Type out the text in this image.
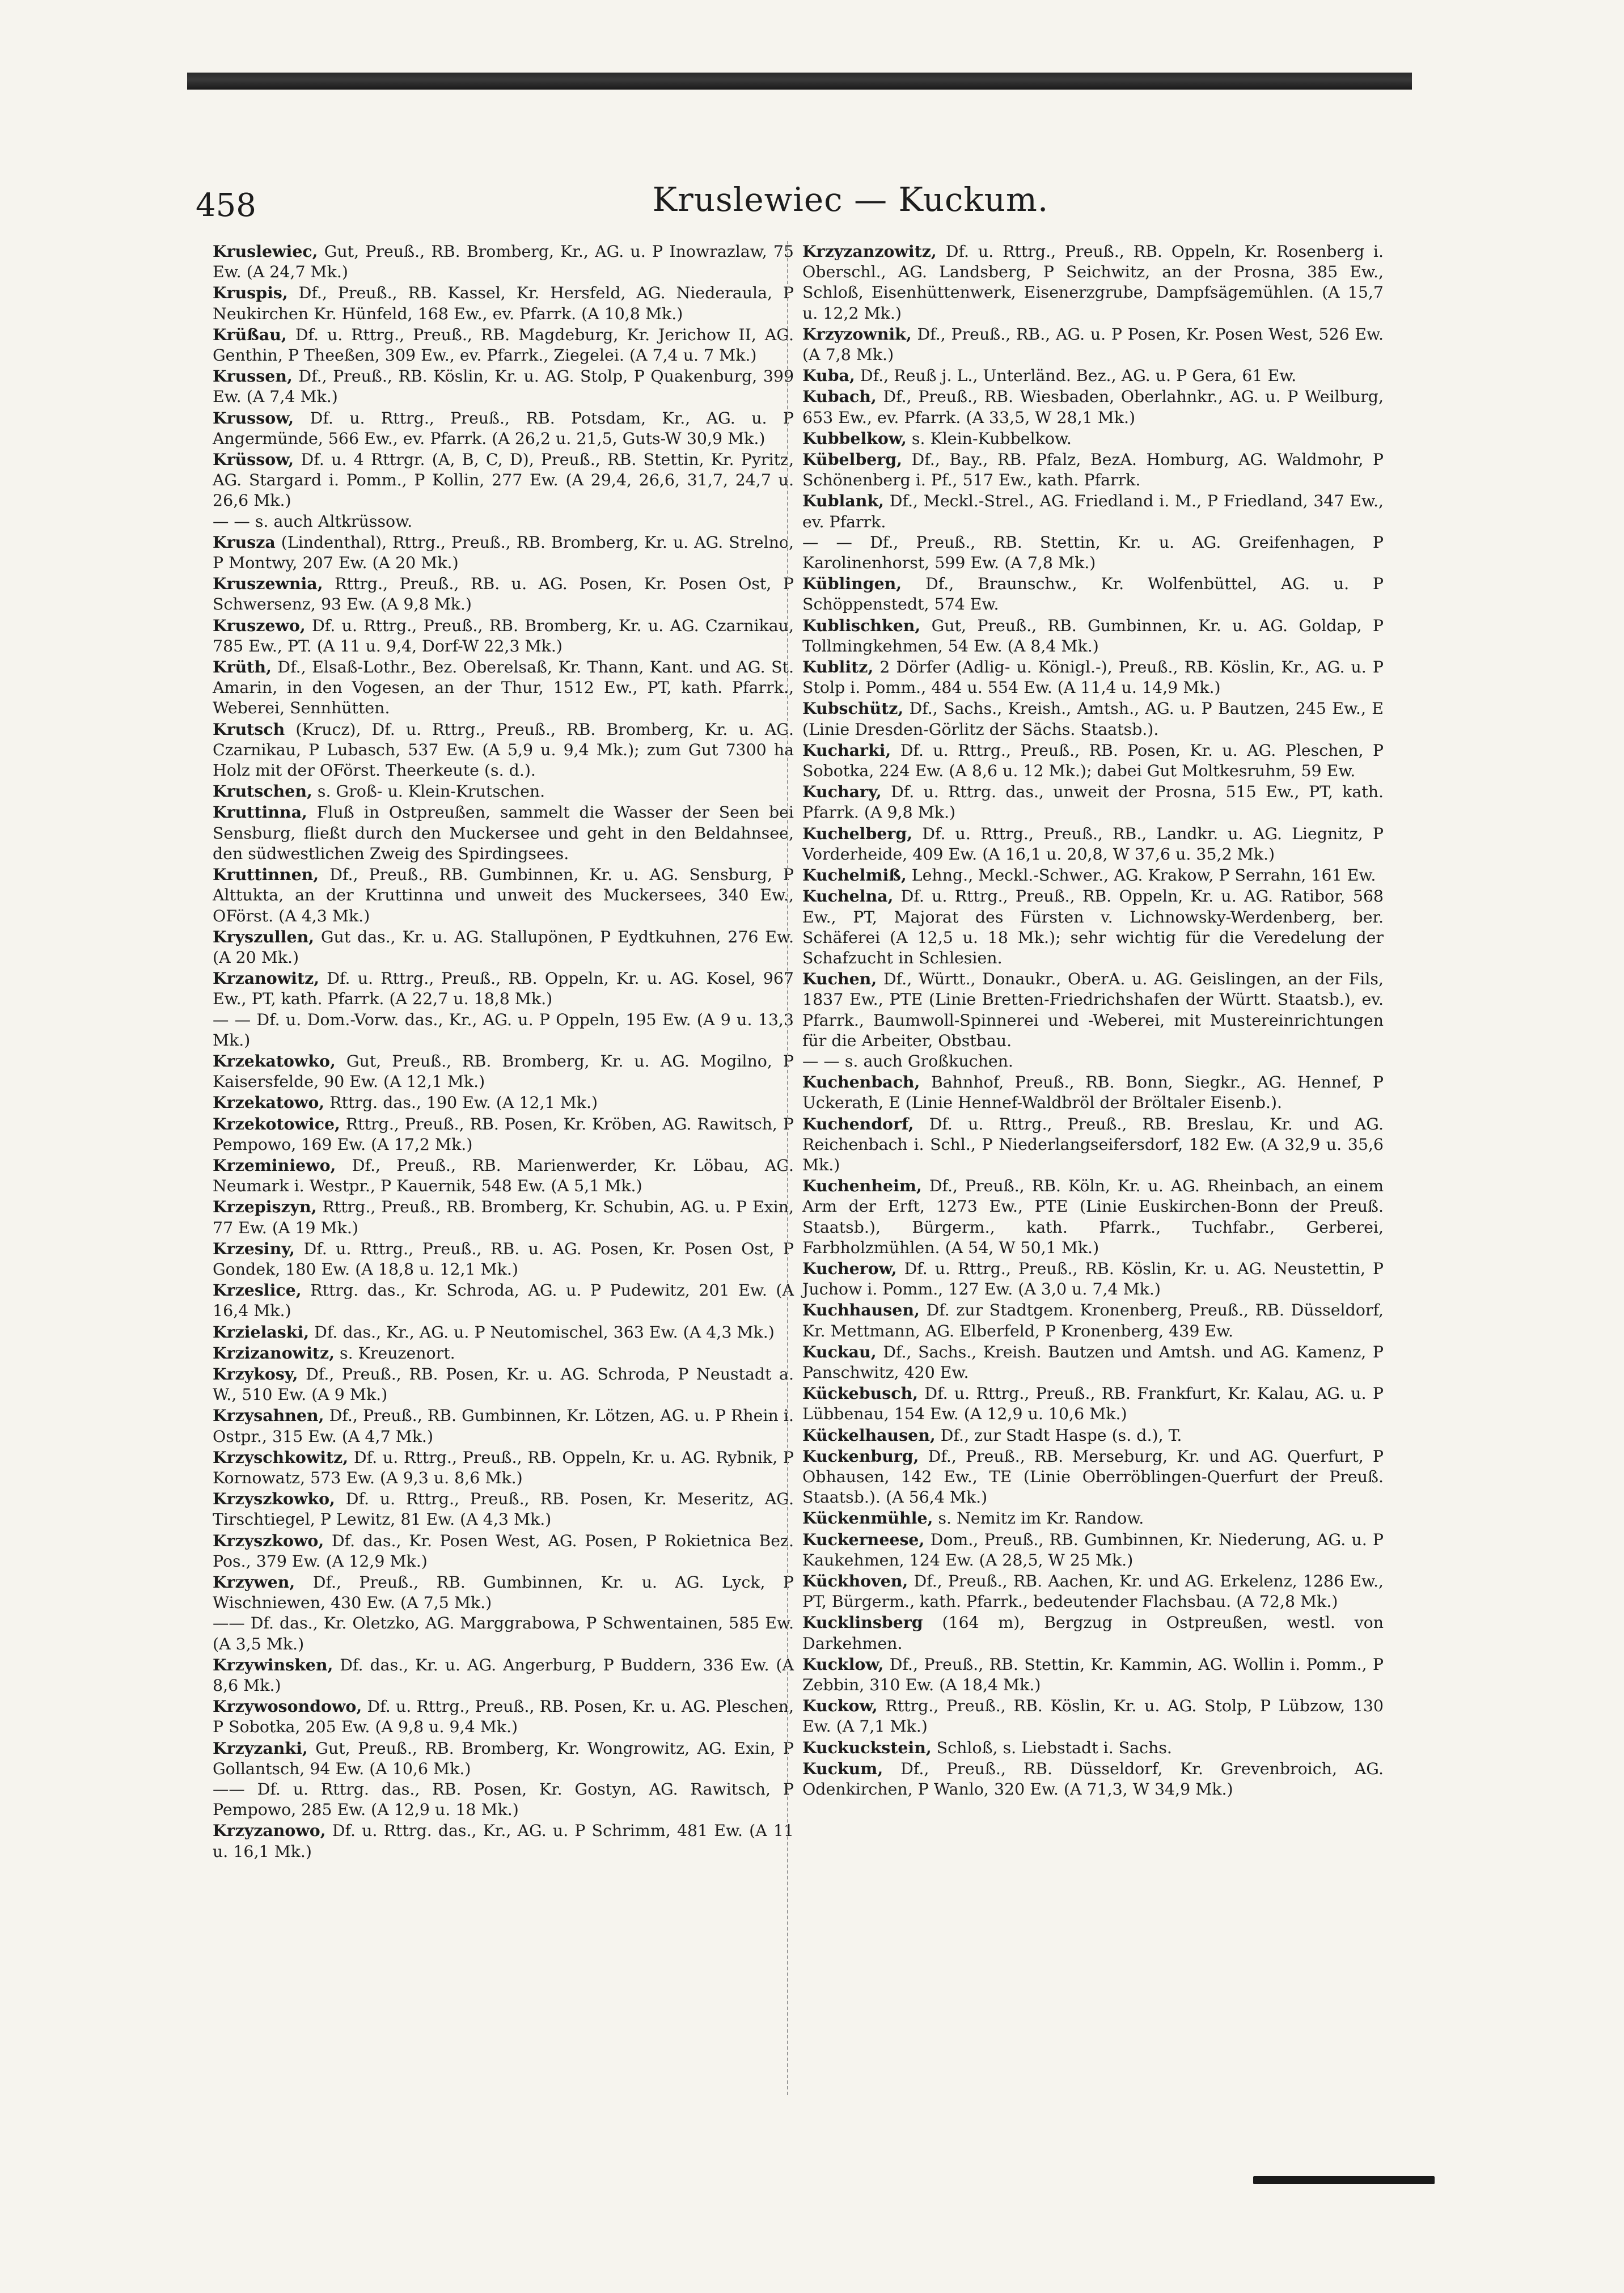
458	Kruslewiec — Kuckum.

Kruslewiec, Gut, Preuß., RB. Bromberg, Kr., AG. u. P Inowrazlaw, 75 Ew. (A 24,7 Mk.)

Kruspis, Df., Preuß., RB. Kassel, Kr. Hersfeld, AG. Niederaula, P Neukirchen Kr. Hünfeld, 168 Ew., ev. Pfarrk. (A 10,8 Mk.)

Krüßau, Df. u. Rttrg., Preuß., RB. Magdeburg, Kr. Jerichow II, AG. Genthin, P Theeßen, 309 Ew., ev. Pfarrk., Ziegelei. (A 7,4 u. 7 Mk.)

Krussen, Df., Preuß., RB. Köslin, Kr. u. AG. Stolp, P Quakenburg, 399 Ew. (A 7,4 Mk.)

Krussow, Df. u. Rttrg., Preuß., RB. Potsdam, Kr., AG. u. P Angermünde, 566 Ew., ev. Pfarrk. (A 26,2 u. 21,5, Guts-W 30,9 Mk.)

Krüssow, Df. u. 4 Rttrgr. (A, B, C, D), Preuß., RB. Stettin, Kr. Pyritz, AG. Stargard i. Pomm., P Kollin, 277 Ew. (A 29,4, 26,6, 31,7, 24,7 u. 26,6 Mk.)

— — s. auch Altkrüssow.

Kruszа (Lindenthal), Rttrg., Preuß., RB. Bromberg, Kr. u. AG. Strelno, P Montwy, 207 Ew. (A 20 Mk.)

Kruszewnia, Rttrg., Preuß., RB. u. AG. Posen, Kr. Posen Ost, P Schwersenz, 93 Ew. (A 9,8 Mk.)

Kruszewo, Df. u. Rttrg., Preuß., RB. Bromberg, Kr. u. AG. Czarnikau, 785 Ew., PT. (A 11 u. 9,4, Dorf-W 22,3 Mk.)

Krüth, Df., Elsaß-Lothr., Bez. Oberelsaß, Kr. Thann, Kant. und AG. St. Amarin, in den Vogesen, an der Thur, 1512 Ew., PT, kath. Pfarrk., Weberei, Sennhütten.

Krutsch (Krucz), Df. u. Rttrg., Preuß., RB. Bromberg, Kr. u. AG. Czarnikau, P Lubasch, 537 Ew. (A 5,9 u. 9,4 Mk.); zum Gut 7300 ha Holz mit der OFörst. Theerkeute (s. d.).

Krutschen, s. Groß- u. Klein-Krutschen.

Kruttinna, Fluß in Ostpreußen, sammelt die Wasser der Seen bei Sensburg, fließt durch den Muckersee und geht in den Beldahnsee, den südwestlichen Zweig des Spirdingsees.

Kruttinnen, Df., Preuß., RB. Gumbinnen, Kr. u. AG. Sensburg, P Alttukta, an der Kruttinna und unweit des Muckersees, 340 Ew., OFörst. (A 4,3 Mk.)

Kryszullen, Gut das., Kr. u. AG. Stallupönen, P Eydtkuhnen, 276 Ew. (A 20 Mk.)

Krzanowitz, Df. u. Rttrg., Preuß., RB. Oppeln, Kr. u. AG. Kosel, 967 Ew., PT, kath. Pfarrk. (A 22,7 u. 18,8 Mk.)

— — Df. u. Dom.-Vorw. das., Kr., AG. u. P Oppeln, 195 Ew. (A 9 u. 13,3 Mk.)

Krzekatowko, Gut, Preuß., RB. Bromberg, Kr. u. AG. Mogilno, P Kaisersfelde, 90 Ew. (A 12,1 Mk.)

Krzekatowo, Rttrg. das., 190 Ew. (A 12,1 Mk.)

Krzekotowice, Rttrg., Preuß., RB. Posen, Kr. Kröben, AG. Rawitsch, P Pempowo, 169 Ew. (A 17,2 Mk.)

Krzeminiewo, Df., Preuß., RB. Marienwerder, Kr. Löbau, AG. Neumark i. Westpr., P Kauernik, 548 Ew. (A 5,1 Mk.)

Krzepiszyn, Rttrg., Preuß., RB. Bromberg, Kr. Schubin, AG. u. P Exin, 77 Ew. (A 19 Mk.)

Krzesiny, Df. u. Rttrg., Preuß., RB. u. AG. Posen, Kr. Posen Ost, P Gondek, 180 Ew. (A 18,8 u. 12,1 Mk.)

Krzeslice, Rttrg. das., Kr. Schroda, AG. u. P Pudewitz, 201 Ew. (A 16,4 Mk.)

Krzielaski, Df. das., Kr., AG. u. P Neutomischel, 363 Ew. (A 4,3 Mk.)

Krzizanowitz, s. Kreuzenort.

Krzykosy, Df., Preuß., RB. Posen, Kr. u. AG. Schroda, P Neustadt a. W., 510 Ew. (A 9 Mk.)

Krzysahnen, Df., Preuß., RB. Gumbinnen, Kr. Lötzen, AG. u. P Rhein i. Ostpr., 315 Ew. (A 4,7 Mk.)

Krzyschkowitz, Df. u. Rttrg., Preuß., RB. Oppeln, Kr. u. AG. Rybnik, P Kornowatz, 573 Ew. (A 9,3 u. 8,6 Mk.)

Krzyszkowko, Df. u. Rttrg., Preuß., RB. Posen, Kr. Meseritz, AG. Tirschtiegel, P Lewitz, 81 Ew. (A 4,3 Mk.)

Krzyszkowo, Df. das., Kr. Posen West, AG. Posen, P Rokietnica Bez. Pos., 379 Ew. (A 12,9 Mk.)

Krzywen, Df., Preuß., RB. Gumbinnen, Kr. u. AG. Lyck, P Wischniewen, 430 Ew. (A 7,5 Mk.)

—— Df. das., Kr. Oletzko, AG. Marggrabowa, P Schwentainen, 585 Ew. (A 3,5 Mk.)

Krzywinsken, Df. das., Kr. u. AG. Angerburg, P Buddern, 336 Ew. (A 8,6 Mk.)

Krzywosondowo, Df. u. Rttrg., Preuß., RB. Posen, Kr. u. AG. Pleschen, P Sobotka, 205 Ew. (A 9,8 u. 9,4 Mk.)

Krzyzanki, Gut, Preuß., RB. Bromberg, Kr. Wongrowitz, AG. Exin, P Gollantsch, 94 Ew. (A 10,6 Mk.)

—— Df. u. Rttrg. das., RB. Posen, Kr. Gostyn, AG. Rawitsch, P Pempowo, 285 Ew. (A 12,9 u. 18 Mk.)

Krzyzanowo, Df. u. Rttrg. das., Kr., AG. u. P Schrimm, 481 Ew. (A 11 u. 16,1 Mk.)

Krzyzanzowitz, Df. u. Rttrg., Preuß., RB. Oppeln, Kr. Rosenberg i. Oberschl., AG. Landsberg, P Seichwitz, an der Prosna, 385 Ew., Schloß, Eisenhüttenwerk, Eisenerzgrube, Dampfsägemühlen. (A 15,7 u. 12,2 Mk.)

Krzyzownik, Df., Preuß., RB., AG. u. P Posen, Kr. Posen West, 526 Ew. (A 7,8 Mk.)

Kuba, Df., Reuß j. L., Unterländ. Bez., AG. u. P Gera, 61 Ew.

Kubach, Df., Preuß., RB. Wiesbaden, Oberlahnkr., AG. u. P Weilburg, 653 Ew., ev. Pfarrk. (A 33,5, W 28,1 Mk.)

Kubbelkow, s. Klein-Kubbelkow.

Kübelberg, Df., Bay., RB. Pfalz, BezA. Homburg, AG. Waldmohr, P Schönenberg i. Pf., 517 Ew., kath. Pfarrk.

Kublank, Df., Meckl.-Strel., AG. Friedland i. M., P Friedland, 347 Ew., ev. Pfarrk.

— — Df., Preuß., RB. Stettin, Kr. u. AG. Greifenhagen, P Karolinenhorst, 599 Ew. (A 7,8 Mk.)

Küblingen, Df., Braunschw., Kr. Wolfenbüttel, AG. u. P Schöppenstedt, 574 Ew.

Kublischken, Gut, Preuß., RB. Gumbinnen, Kr. u. AG. Goldap, P Tollmingkehmen, 54 Ew. (A 8,4 Mk.)

Kublitz, 2 Dörfer (Adlig- u. Königl.-), Preuß., RB. Köslin, Kr., AG. u. P Stolp i. Pomm., 484 u. 554 Ew. (A 11,4 u. 14,9 Mk.)

Kubschütz, Df., Sachs., Kreish., Amtsh., AG. u. P Bautzen, 245 Ew., E (Linie Dresden-Görlitz der Sächs. Staatsb.).

Kucharki, Df. u. Rttrg., Preuß., RB. Posen, Kr. u. AG. Pleschen, P Sobotka, 224 Ew. (A 8,6 u. 12 Mk.); dabei Gut Moltkesruhm, 59 Ew.

Kuchary, Df. u. Rttrg. das., unweit der Prosna, 515 Ew., PT, kath. Pfarrk. (A 9,8 Mk.)

Kuchelberg, Df. u. Rttrg., Preuß., RB., Landkr. u. AG. Liegnitz, P Vorderheide, 409 Ew. (A 16,1 u. 20,8, W 37,6 u. 35,2 Mk.)

Kuchelmiß, Lehng., Meckl.-Schwer., AG. Krakow, P Serrahn, 161 Ew.

Kuchelna, Df. u. Rttrg., Preuß., RB. Oppeln, Kr. u. AG. Ratibor, 568 Ew., PT, Majorat des Fürsten v. Lichnowsky-Werdenberg, ber. Schäferei (A 12,5 u. 18 Mk.); sehr wichtig für die Veredelung der Schafzucht in Schlesien.

Kuchen, Df., Württ., Donaukr., OberA. u. AG. Geislingen, an der Fils, 1837 Ew., PTE (Linie Bretten-Friedrichshafen der Württ. Staatsb.), ev. Pfarrk., Baumwoll-Spinnerei und -Weberei, mit Mustereinrichtungen für die Arbeiter, Obstbau.

— — s. auch Großkuchen.

Kuchenbach, Bahnhof, Preuß., RB. Bonn, Siegkr., AG. Hennef, P Uckerath, E (Linie Hennef-Waldbröl der Bröltaler Eisenb.).

Kuchendorf, Df. u. Rttrg., Preuß., RB. Breslau, Kr. und AG. Reichenbach i. Schl., P Niederlangseifersdorf, 182 Ew. (A 32,9 u. 35,6 Mk.)

Kuchenheim, Df., Preuß., RB. Köln, Kr. u. AG. Rheinbach, an einem Arm der Erft, 1273 Ew., PTE (Linie Euskirchen-Bonn der Preuß. Staatsb.), Bürgerm., kath. Pfarrk., Tuchfabr., Gerberei, Farbholzmühlen. (A 54, W 50,1 Mk.)

Kucherow, Df. u. Rttrg., Preuß., RB. Köslin, Kr. u. AG. Neustettin, P Juchow i. Pomm., 127 Ew. (A 3,0 u. 7,4 Mk.)

Kuchhausen, Df. zur Stadtgem. Kronenberg, Preuß., RB. Düsseldorf, Kr. Mettmann, AG. Elberfeld, P Kronenberg, 439 Ew.

Kuckau, Df., Sachs., Kreish. Bautzen und Amtsh. und AG. Kamenz, P Panschwitz, 420 Ew.

Kückebusch, Df. u. Rttrg., Preuß., RB. Frankfurt, Kr. Kalau, AG. u. P Lübbenau, 154 Ew. (A 12,9 u. 10,6 Mk.)

Kückelhausen, Df., zur Stadt Haspe (s. d.), T.

Kuckenburg, Df., Preuß., RB. Merseburg, Kr. und AG. Querfurt, P Obhausen, 142 Ew., TE (Linie Oberröblingen-Querfurt der Preuß. Staatsb.). (A 56,4 Mk.)

Kückenmühle, s. Nemitz im Kr. Randow.

Kuckerneese, Dom., Preuß., RB. Gumbinnen, Kr. Niederung, AG. u. P Kaukehmen, 124 Ew. (A 28,5, W 25 Mk.)

Kückhoven, Df., Preuß., RB. Aachen, Kr. und AG. Erkelenz, 1286 Ew., PT, Bürgerm., kath. Pfarrk., bedeutender Flachsbau. (A 72,8 Mk.)

Kucklinsberg (164 m), Bergzug in Ostpreußen, westl. von Darkehmen.

Kucklow, Df., Preuß., RB. Stettin, Kr. Kammin, AG. Wollin i. Pomm., P Zebbin, 310 Ew. (A 18,4 Mk.)

Kuckow, Rttrg., Preuß., RB. Köslin, Kr. u. AG. Stolp, P Lübzow, 130 Ew. (A 7,1 Mk.)

Kuckuckstein, Schloß, s. Liebstadt i. Sachs.

Kuckum, Df., Preuß., RB. Düsseldorf, Kr. Grevenbroich, AG. Odenkirchen, P Wanlo, 320 Ew. (A 71,3, W 34,9 Mk.)
